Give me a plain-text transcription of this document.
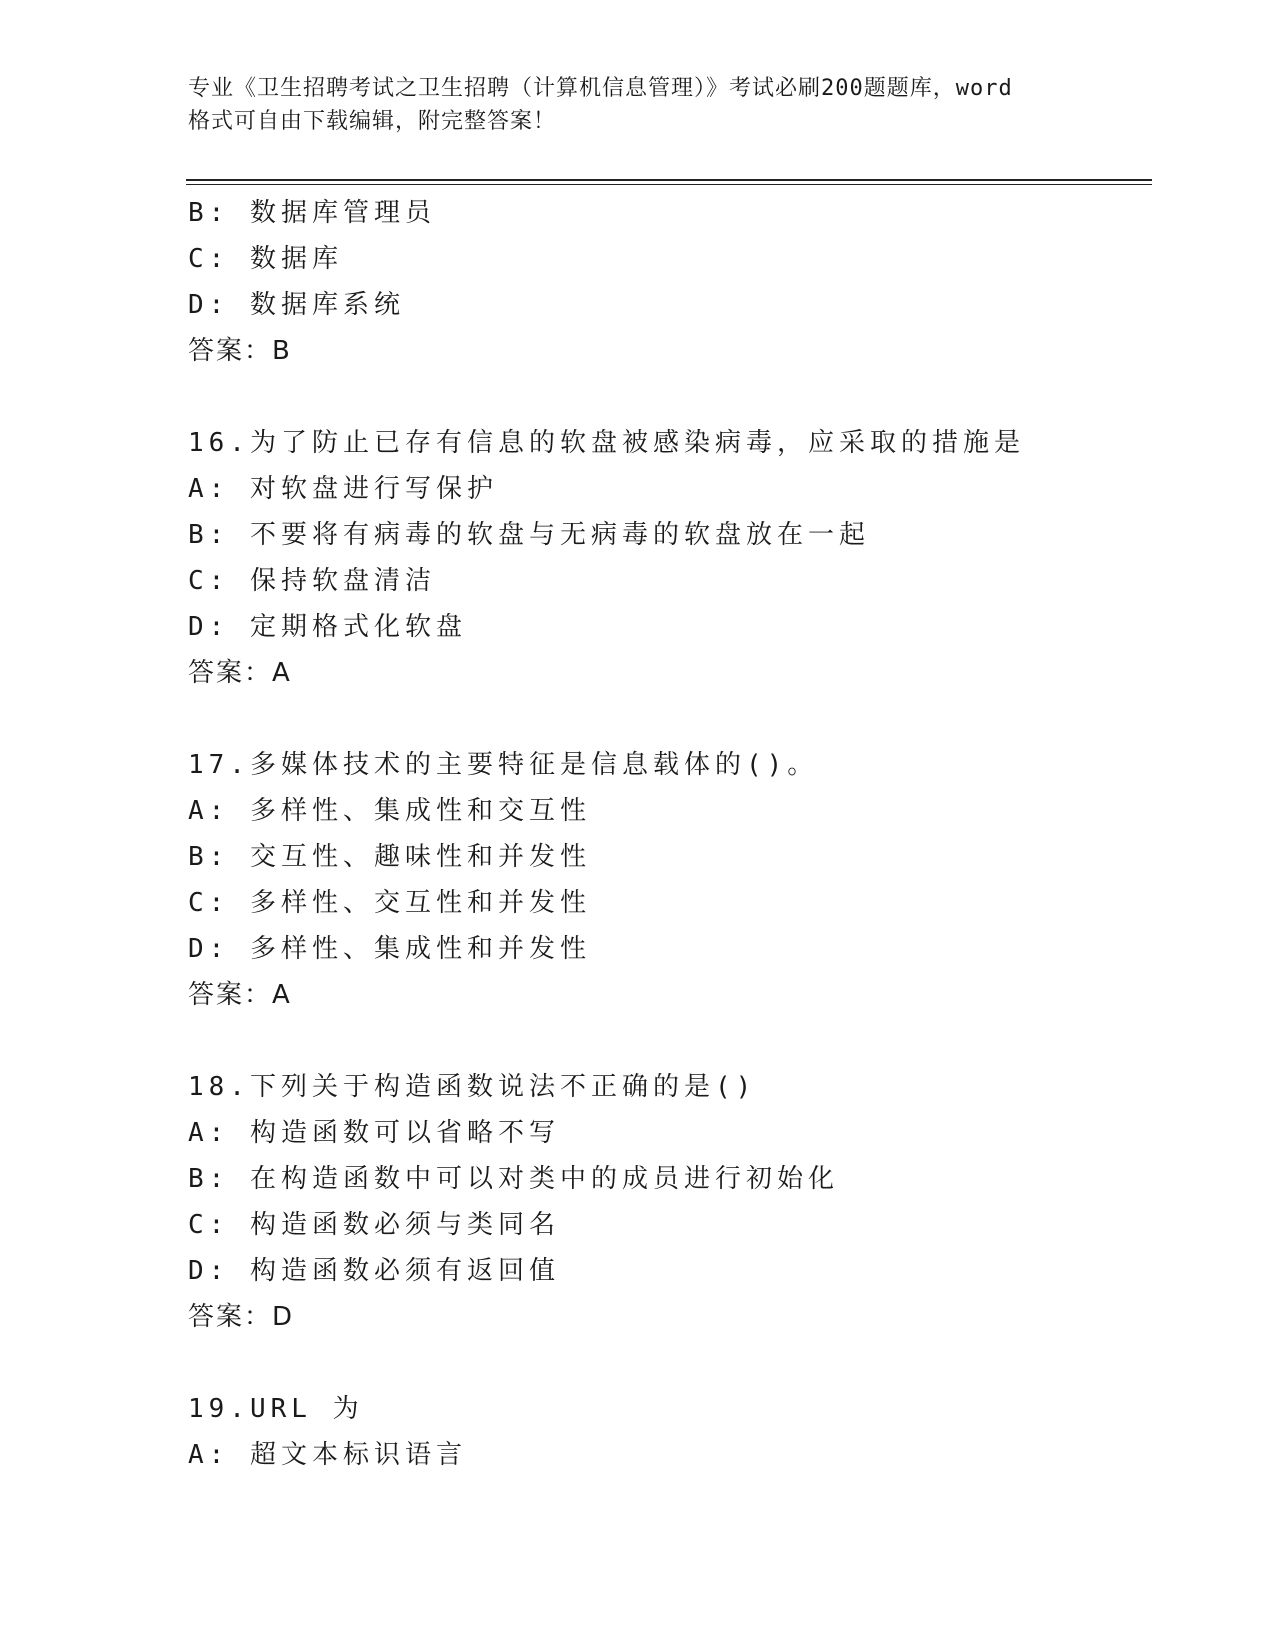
专业《卫生招聘考试之卫生招聘（计算机信息管理）》考试必刷200题题库，word
格式可自由下载编辑，附完整答案！
B: 数据库管理员
C: 数据库
D: 数据库系统
答案：B
16.为了防止已存有信息的软盘被感染病毒，应采取的措施是
A: 对软盘进行写保护
B: 不要将有病毒的软盘与无病毒的软盘放在一起
C: 保持软盘清洁
D: 定期格式化软盘
答案：A
17.多媒体技术的主要特征是信息载体的()。
A: 多样性、集成性和交互性
B: 交互性、趣味性和并发性
C: 多样性、交互性和并发性
D: 多样性、集成性和并发性
答案：A
18.下列关于构造函数说法不正确的是()
A: 构造函数可以省略不写
B: 在构造函数中可以对类中的成员进行初始化
C: 构造函数必须与类同名
D: 构造函数必须有返回值
答案：D
19.URL 为
A: 超文本标识语言
